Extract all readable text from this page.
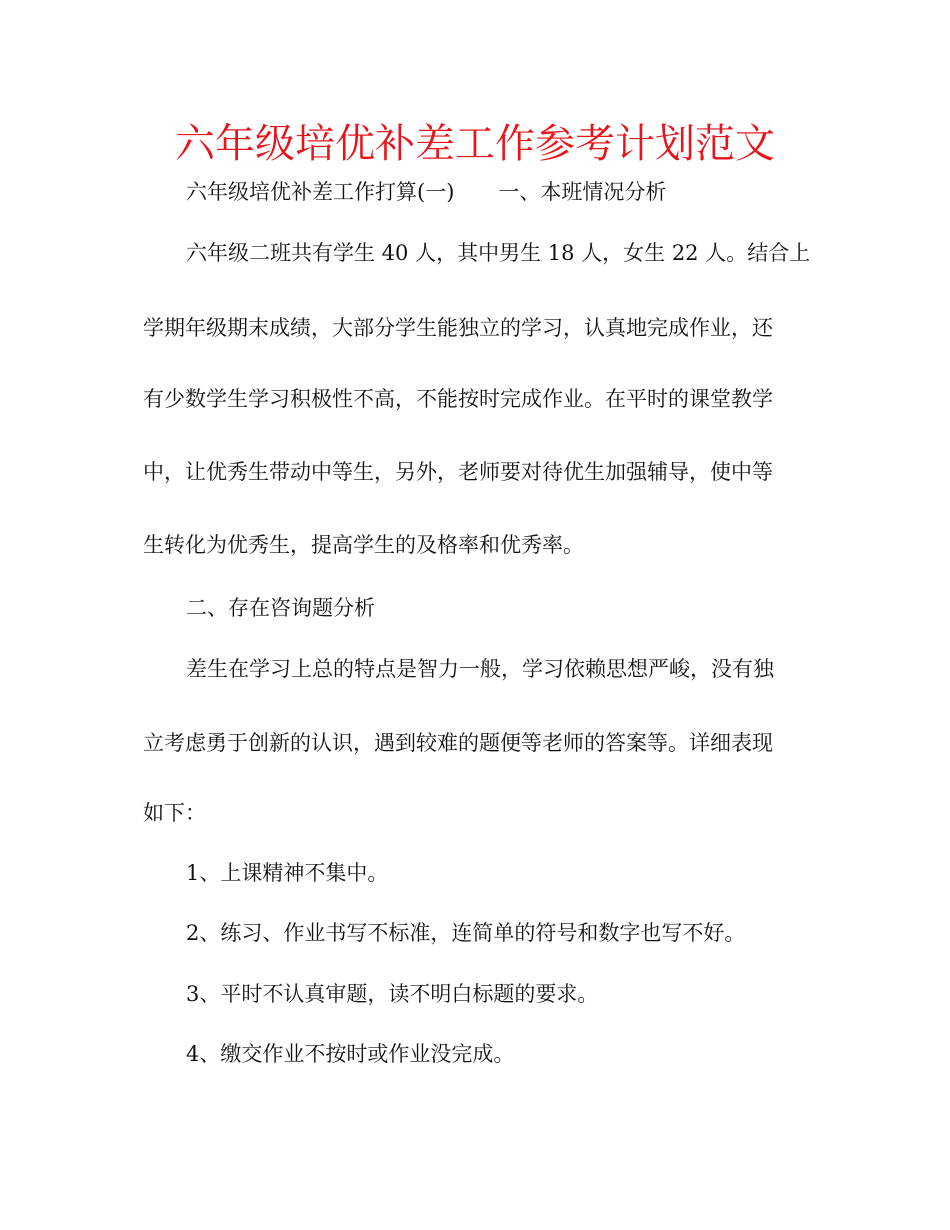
六年级培优补差工作参考计划范文
六年级培优补差工作打算(一) 一、本班情况分析
六年级二班共有学生 40 人，其中男生 18 人，女生 22 人。结合上
学期年级期末成绩，大部分学生能独立的学习，认真地完成作业，还
有少数学生学习积极性不高，不能按时完成作业。在平时的课堂教学
中，让优秀生带动中等生，另外，老师要对待优生加强辅导，使中等
生转化为优秀生，提高学生的及格率和优秀率。
二、存在咨询题分析
差生在学习上总的特点是智力一般，学习依赖思想严峻，没有独
立考虑勇于创新的认识，遇到较难的题便等老师的答案等。详细表现
如下：
1、上课精神不集中。
2、练习、作业书写不标准，连简单的符号和数字也写不好。
3、平时不认真审题，读不明白标题的要求。
4、缴交作业不按时或作业没完成。
